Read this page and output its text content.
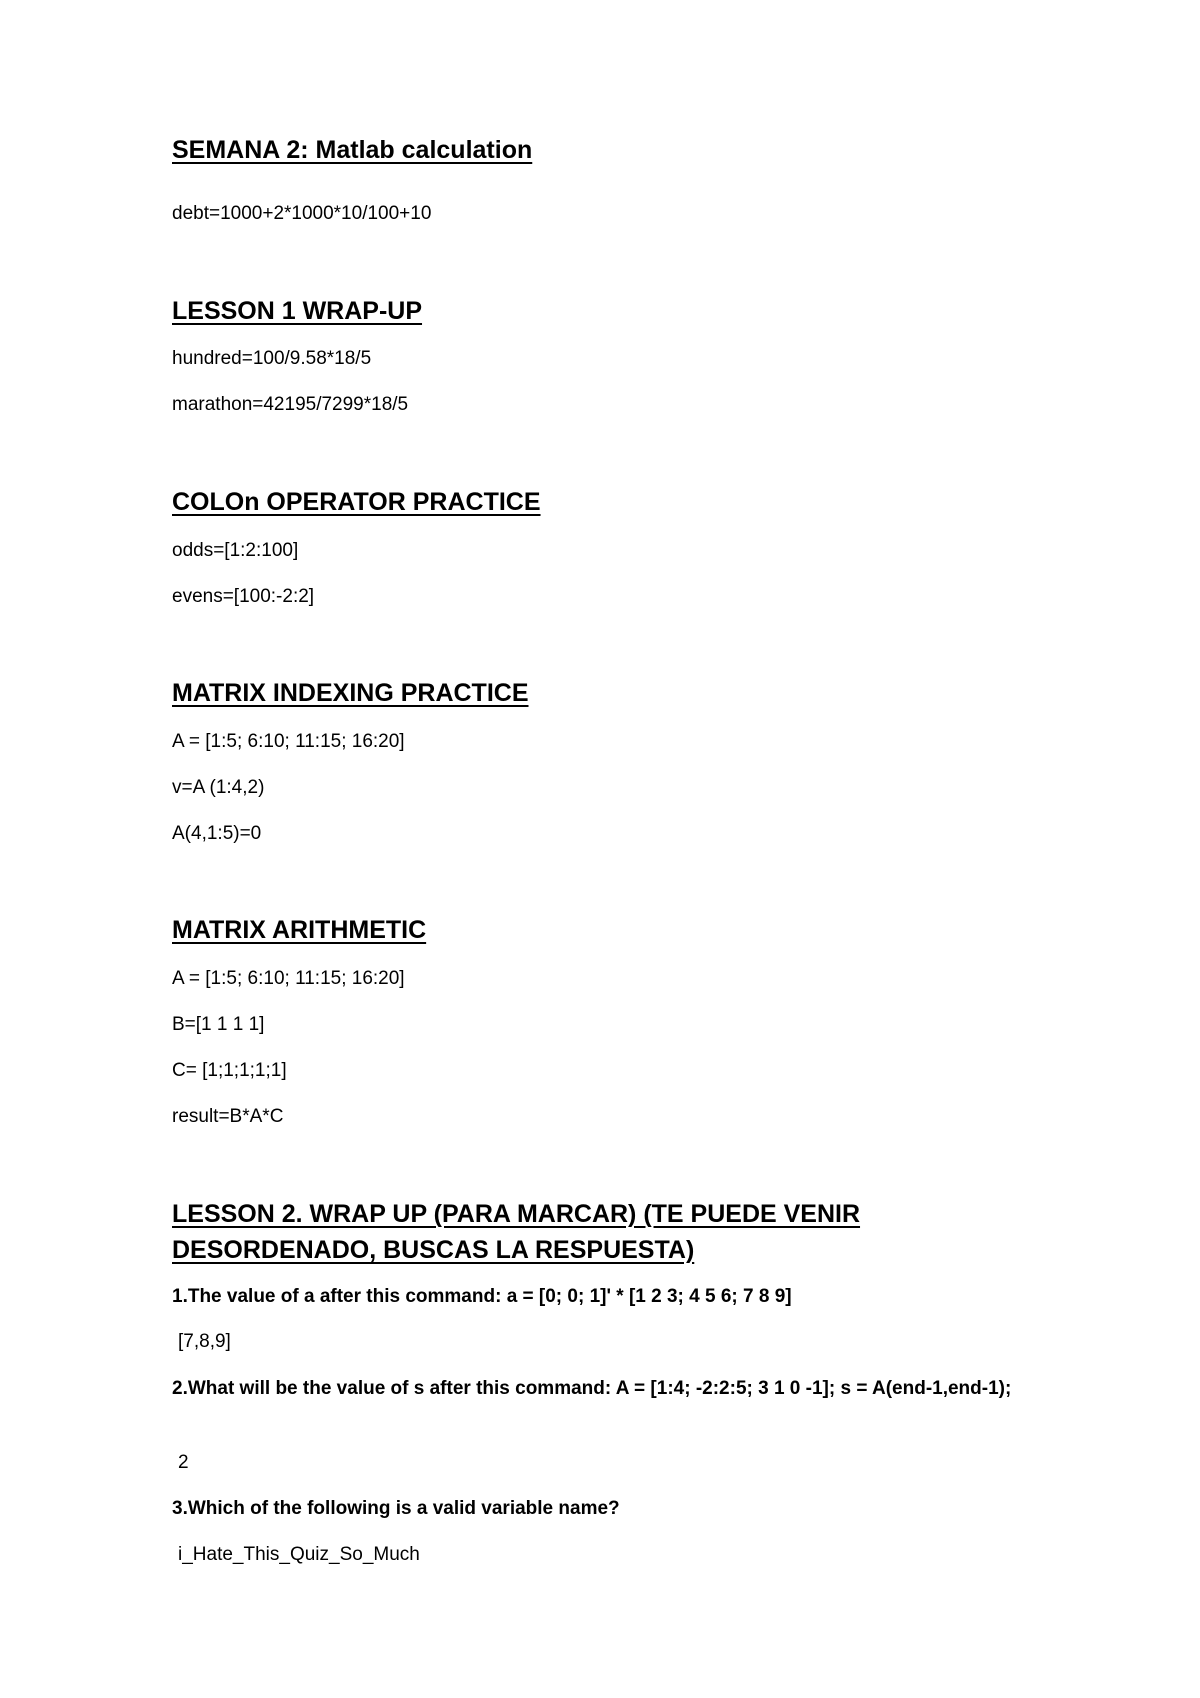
SEMANA 2: Matlab calculation

debt=1000+2*1000*10/100+10

LESSON 1 WRAP-UP

hundred=100/9.58*18/5

marathon=42195/7299*18/5

COLOn OPERATOR PRACTICE

odds=[1:2:100]

evens=[100:-2:2]

MATRIX INDEXING PRACTICE

A = [1:5; 6:10; 11:15; 16:20]

v=A (1:4,2)

A(4,1:5)=0

MATRIX ARITHMETIC

A = [1:5; 6:10; 11:15; 16:20]

B=[1 1 1 1]

C= [1;1;1;1;1]

result=B*A*C

LESSON 2. WRAP UP (PARA MARCAR) (TE PUEDE VENIR DESORDENADO, BUSCAS LA RESPUESTA)

1.The value of a after this command: a = [0; 0; 1]' * [1 2 3; 4 5 6; 7 8 9]

[7,8,9]

2.What will be the value of s after this command: A = [1:4; -2:2:5; 3 1 0 -1]; s = A(end-1,end-1);

2

3.Which of the following is a valid variable name?

i_Hate_This_Quiz_So_Much
